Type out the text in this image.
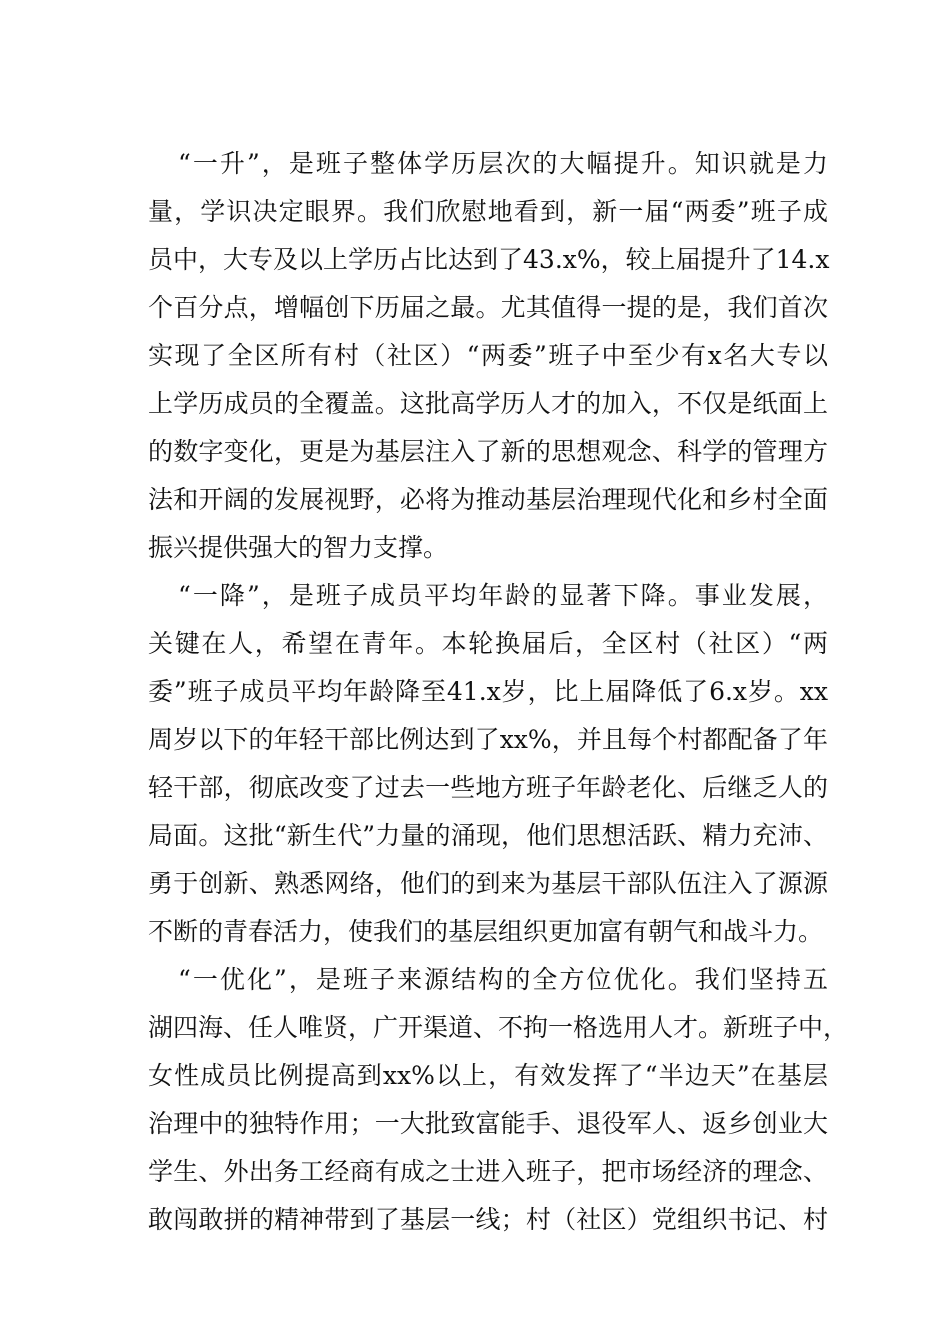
“一升”，是班子整体学历层次的大幅提升。知识就是力
量，学识决定眼界。我们欣慰地看到，新一届“两委”班子成
员中，大专及以上学历占比达到了43.x%，较上届提升了14.x
个百分点，增幅创下历届之最。尤其值得一提的是，我们首次
实现了全区所有村（社区）“两委”班子中至少有x名大专以
上学历成员的全覆盖。这批高学历人才的加入，不仅是纸面上
的数字变化，更是为基层注入了新的思想观念、科学的管理方
法和开阔的发展视野，必将为推动基层治理现代化和乡村全面
振兴提供强大的智力支撑。
“一降”，是班子成员平均年龄的显著下降。事业发展，
关键在人，希望在青年。本轮换届后，全区村（社区）“两
委”班子成员平均年龄降至41.x岁，比上届降低了6.x岁。xx
周岁以下的年轻干部比例达到了xx%，并且每个村都配备了年
轻干部，彻底改变了过去一些地方班子年龄老化、后继乏人的
局面。这批“新生代”力量的涌现，他们思想活跃、精力充沛、
勇于创新、熟悉网络，他们的到来为基层干部队伍注入了源源
不断的青春活力，使我们的基层组织更加富有朝气和战斗力。
“一优化”，是班子来源结构的全方位优化。我们坚持五
湖四海、任人唯贤，广开渠道、不拘一格选用人才。新班子中，
女性成员比例提高到xx%以上，有效发挥了“半边天”在基层
治理中的独特作用；一大批致富能手、退役军人、返乡创业大
学生、外出务工经商有成之士进入班子，把市场经济的理念、
敢闯敢拼的精神带到了基层一线；村（社区）党组织书记、村
